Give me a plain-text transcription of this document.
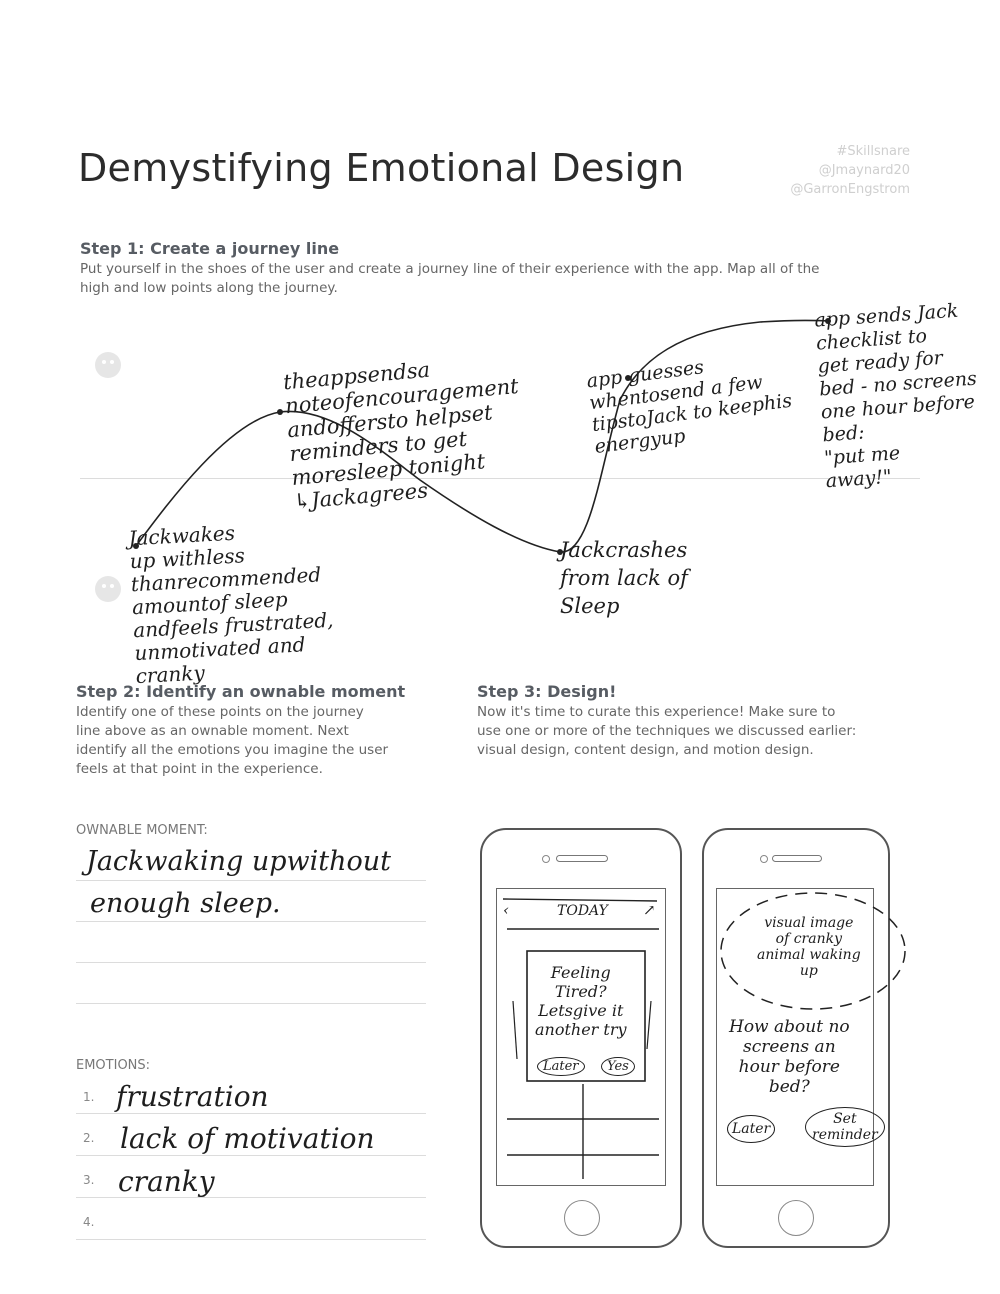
Demystifying Emotional Design	#Skillsnare
@Jmaynard20
@GarronEngstrom
Step 1: Create a journey line
Put yourself in the shoes of the user and create a journey line of their experience with the app. Map all of the
high and low points along the journey.
Jackwakes
up withless
thanrecommended
amountof sleep
andfeels frustrated,
unmotivated and
cranky
theappsendsa
noteofencouragement
andoffersto helpset
reminders to get
moresleep tonight
↳Jackagrees
Jackcrashes
from lack of
Sleep
app guesses
whentosend a few
tipstoJack to keephis
energyup
app sends Jack
checklist to
get ready for
bed - no screens
one hour before
bed:
"put me
away!"
Step 2: Identify an ownable moment
Identify one of these points on the journey
line above as an ownable moment. Next
identify all the emotions you imagine the user
feels at that point in the experience.
Step 3: Design!
Now it's time to curate this experience! Make sure to
use one or more of the techniques we discussed earlier:
visual design, content design, and motion design.
OWNABLE MOMENT:
Jackwaking upwithout
enough sleep.
EMOTIONS:
1. frustration
2. lack of motivation
3. cranky
4.
‹	TODAY ↗
Feeling
Tired?
Letsgive it
another try
Later	Yes
visual image
of cranky
animal waking
up
How about no
screens an
hour before
bed?
Later
Set
reminder
